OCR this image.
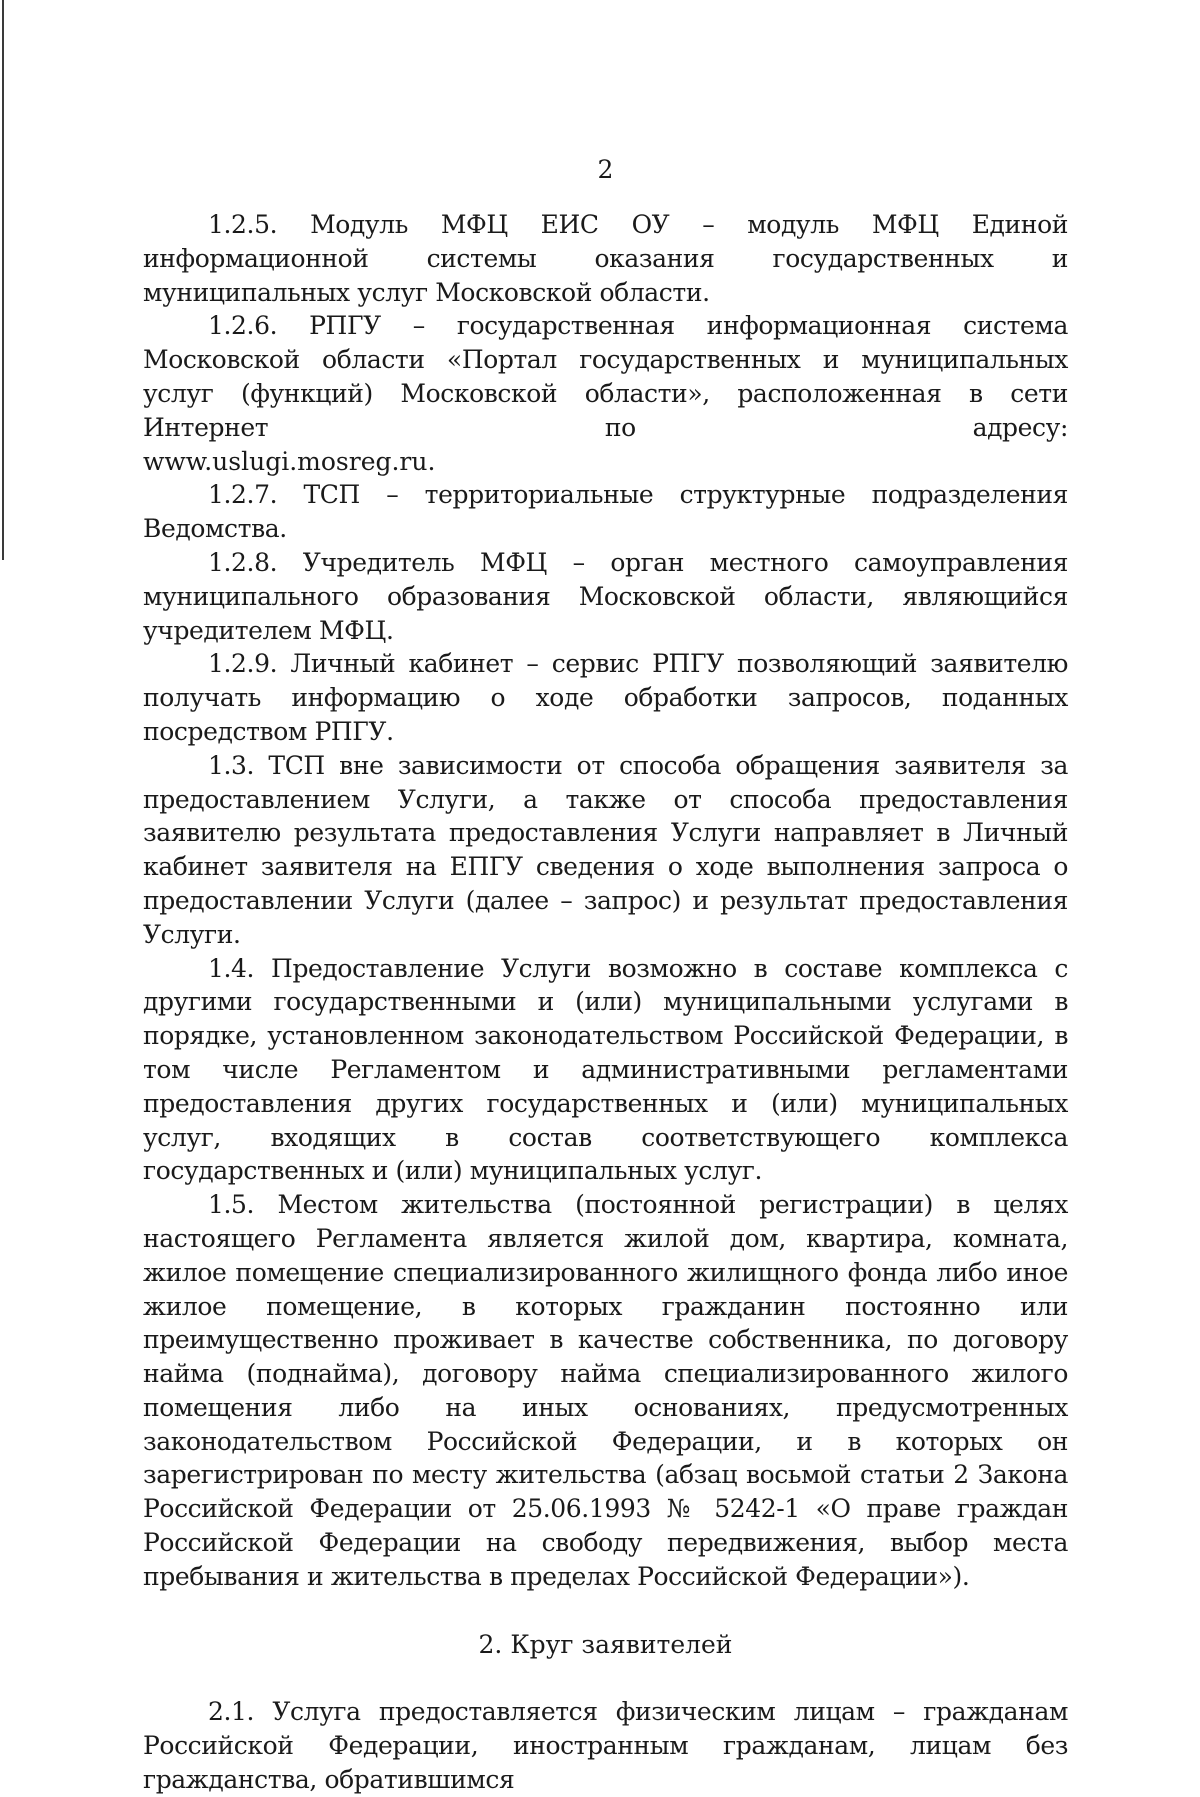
2

1.2.5. Модуль МФЦ ЕИС ОУ – модуль МФЦ Единой информационной системы оказания государственных и муниципальных услуг Московской области.

1.2.6. РПГУ – государственная информационная система Московской области «Портал государственных и муниципальных услуг (функций) Московской области», расположенная в сети Интернет по адресу:

www.uslugi.mosreg.ru.

1.2.7. ТСП – территориальные структурные подразделения Ведомства.

1.2.8. Учредитель МФЦ – орган местного самоуправления муниципального образования Московской области, являющийся учредителем МФЦ.

1.2.9. Личный кабинет – сервис РПГУ позволяющий заявителю получать информацию о ходе обработки запросов, поданных посредством РПГУ.

1.3. ТСП вне зависимости от способа обращения заявителя за предоставлением Услуги, а также от способа предоставления заявителю результата предоставления Услуги направляет в Личный кабинет заявителя на ЕПГУ сведения о ходе выполнения запроса о предоставлении Услуги (далее – запрос) и результат предоставления Услуги.

1.4. Предоставление Услуги возможно в составе комплекса с другими государственными и (или) муниципальными услугами в порядке, установленном законодательством Российской Федерации, в том числе Регламентом и административными регламентами предоставления других государственных и (или) муниципальных услуг, входящих в состав соответствующего комплекса государственных и (или) муниципальных услуг.

1.5. Местом жительства (постоянной регистрации) в целях настоящего Регламента является жилой дом, квартира, комната, жилое помещение специализированного жилищного фонда либо иное жилое помещение, в которых гражданин постоянно или преимущественно проживает в качестве собственника, по договору найма (поднайма), договору найма специализированного жилого помещения либо на иных основаниях, предусмотренных законодательством Российской Федерации, и в которых он зарегистрирован по месту жительства (абзац восьмой статьи 2 Закона Российской Федерации от 25.06.1993 № 5242-1 «О праве граждан Российской Федерации на свободу передвижения, выбор места пребывания и жительства в пределах Российской Федерации»).

2. Круг заявителей

2.1. Услуга предоставляется физическим лицам – гражданам Российской Федерации, иностранным гражданам, лицам без гражданства, обратившимся
